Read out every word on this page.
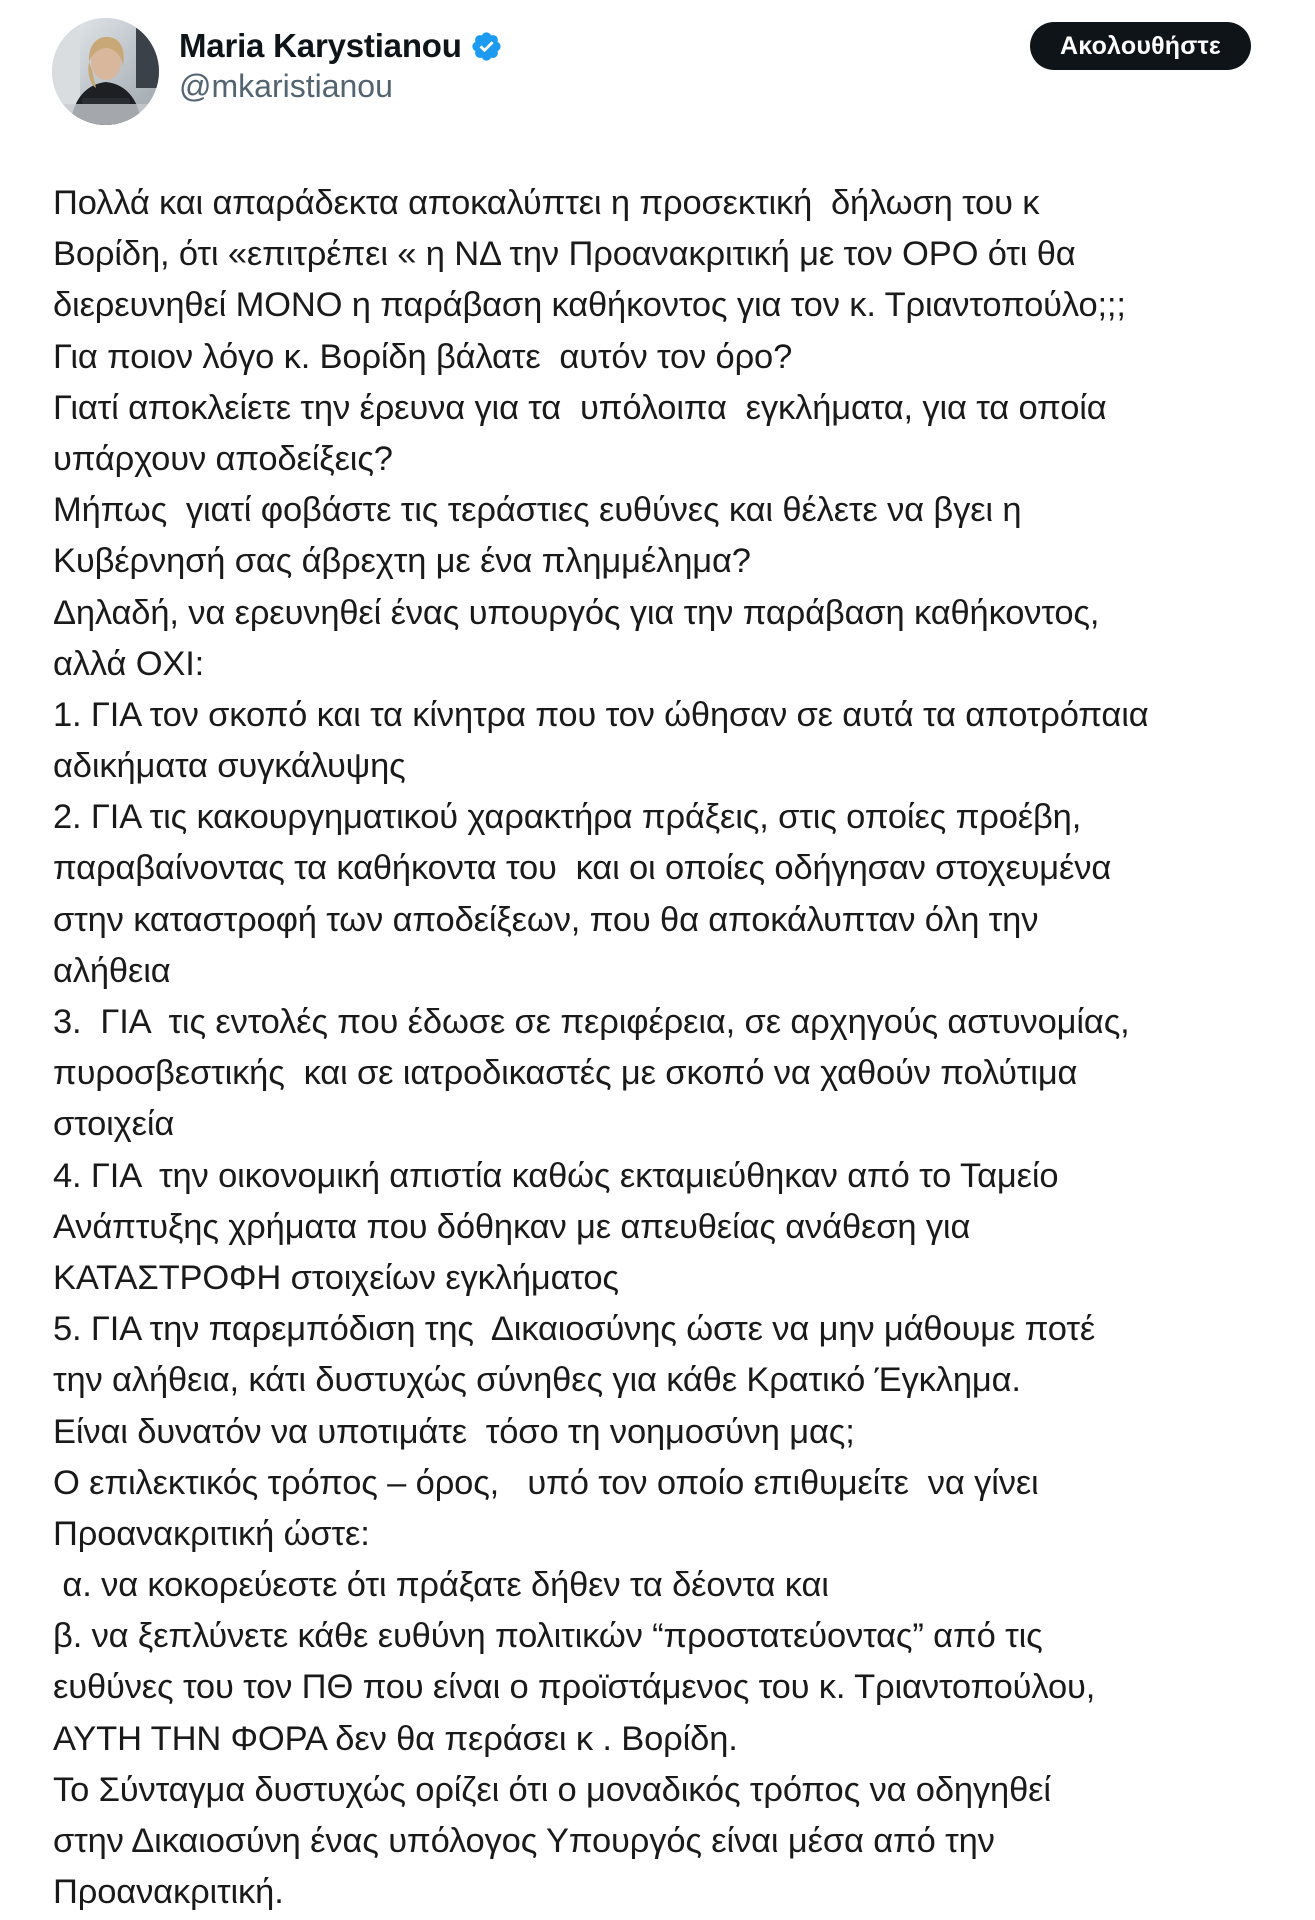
Maria Karystianou
@mkaristianou
Ακολουθήστε
Πολλά και απαράδεκτα αποκαλύπτει η προσεκτική  δήλωση του κ
Βορίδη, ότι «επιτρέπει « η ΝΔ την Προανακριτική με τον ΟΡΟ ότι θα
διερευνηθεί ΜΟΝΟ η παράβαση καθήκοντος για τον κ. Τριαντοπούλο;;;
Για ποιον λόγο κ. Βορίδη βάλατε  αυτόν τον όρο?
Γιατί αποκλείετε την έρευνα για τα  υπόλοιπα  εγκλήματα, για τα οποία
υπάρχουν αποδείξεις?
Μήπως  γιατί φοβάστε τις τεράστιες ευθύνες και θέλετε να βγει η
Κυβέρνησή σας άβρεχτη με ένα πλημμέλημα?
Δηλαδή, να ερευνηθεί ένας υπουργός για την παράβαση καθήκοντος,
αλλά ΟΧΙ:
1. ΓΙΑ τον σκοπό και τα κίνητρα που τον ώθησαν σε αυτά τα αποτρόπαια
αδικήματα συγκάλυψης
2. ΓΙΑ τις κακουργηματικού χαρακτήρα πράξεις, στις οποίες προέβη,
παραβαίνοντας τα καθήκοντα του  και οι οποίες οδήγησαν στοχευμένα
στην καταστροφή των αποδείξεων, που θα αποκάλυπταν όλη την
αλήθεια
3.  ΓΙΑ  τις εντολές που έδωσε σε περιφέρεια, σε αρχηγούς αστυνομίας,
πυροσβεστικής  και σε ιατροδικαστές με σκοπό να χαθούν πολύτιμα
στοιχεία
4. ΓΙΑ  την οικονομική απιστία καθώς εκταμιεύθηκαν από το Ταμείο
Ανάπτυξης χρήματα που δόθηκαν με απευθείας ανάθεση για
ΚΑΤΑΣΤΡΟΦΗ στοιχείων εγκλήματος
5. ΓΙΑ την παρεμπόδιση της  Δικαιοσύνης ώστε να μην μάθουμε ποτέ
την αλήθεια, κάτι δυστυχώς σύνηθες για κάθε Κρατικό Έγκλημα.
Είναι δυνατόν να υποτιμάτε  τόσο τη νοημοσύνη μας;
Ο επιλεκτικός τρόπος – όρος,   υπό τον οποίο επιθυμείτε  να γίνει
Προανακριτική ώστε:
α. να κοκορεύεστε ότι πράξατε δήθεν τα δέοντα και
β. να ξεπλύνετε κάθε ευθύνη πολιτικών “προστατεύοντας” από τις
ευθύνες του τον ΠΘ που είναι ο προϊστάμενος του κ. Τριαντοπούλου,
ΑΥΤΗ ΤΗΝ ΦΟΡΑ δεν θα περάσει κ . Βορίδη.
Το Σύνταγμα δυστυχώς ορίζει ότι ο μοναδικός τρόπος να οδηγηθεί
στην Δικαιοσύνη ένας υπόλογος Υπουργός είναι μέσα από την
Προανακριτική.
